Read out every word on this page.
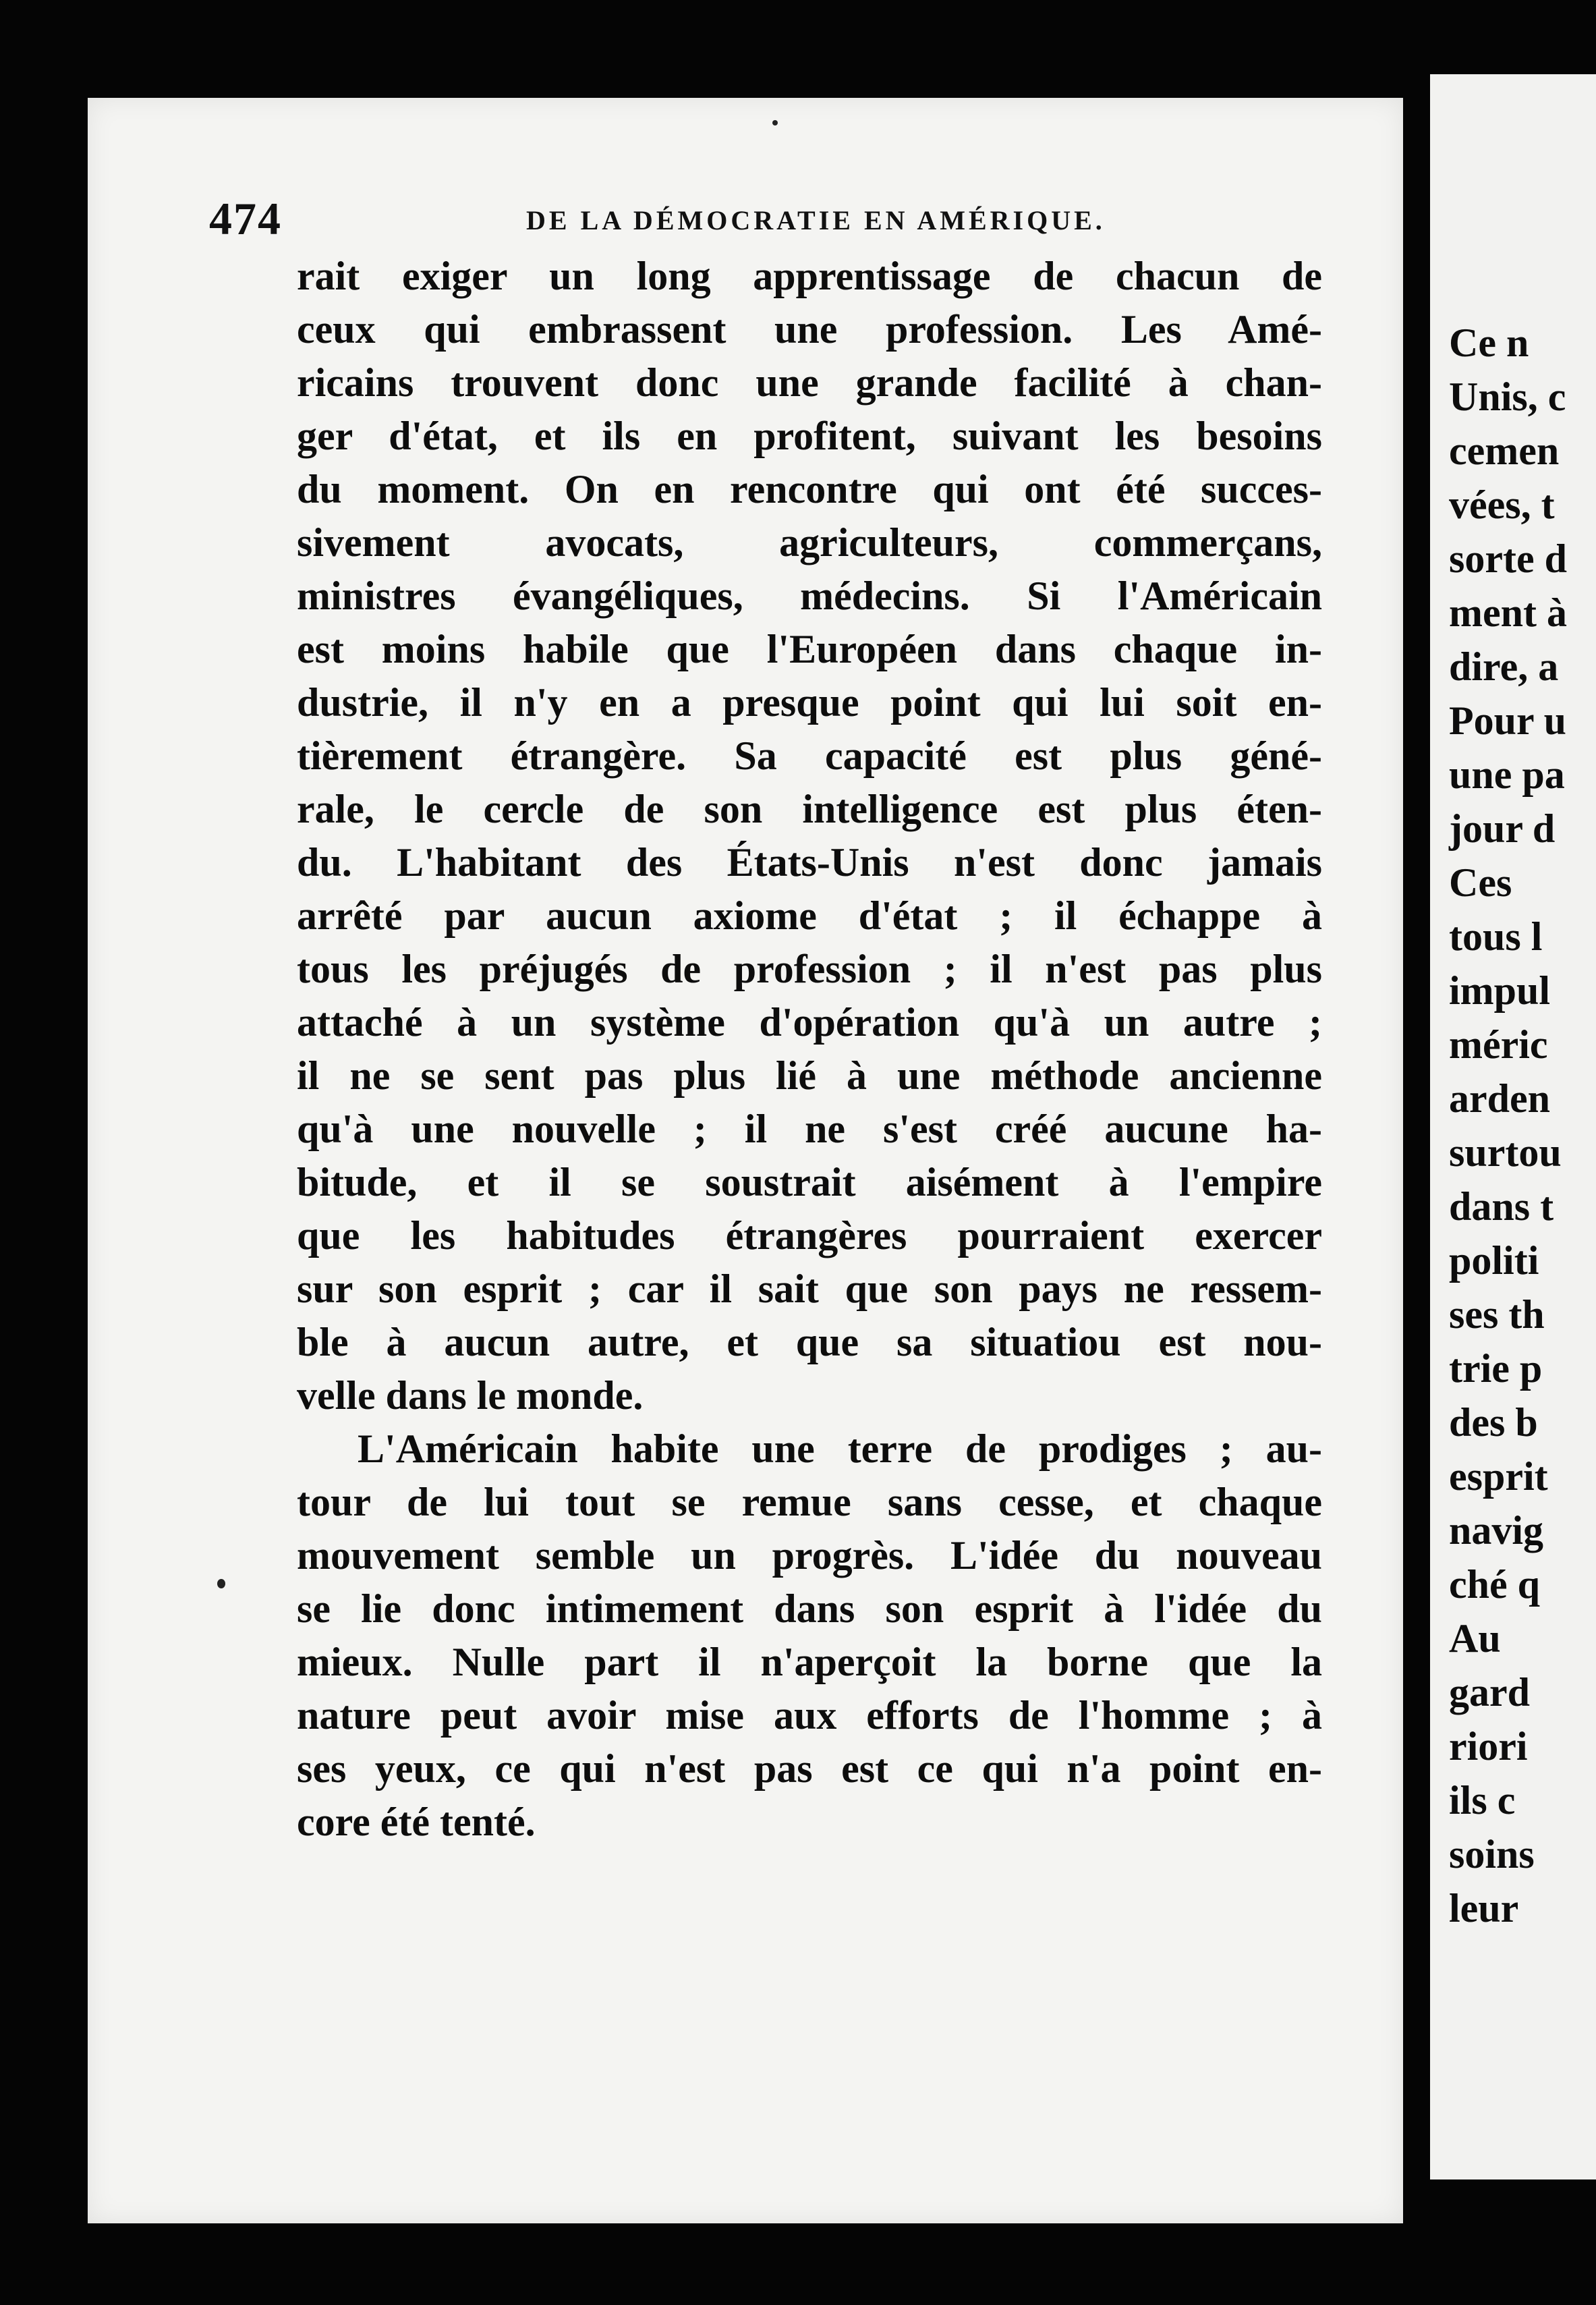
474	DE LA DÉMOCRATIE EN AMÉRIQUE.
rait exiger un long apprentissage de chacun de
ceux qui embrassent une profession. Les Amé-
ricains trouvent donc une grande facilité à chan-
ger d'état, et ils en profitent, suivant les besoins
du moment. On en rencontre qui ont été succes-
sivement avocats, agriculteurs, commerçans,
ministres évangéliques, médecins. Si l'Américain
est moins habile que l'Européen dans chaque in-
dustrie, il n'y en a presque point qui lui soit en-
tièrement étrangère. Sa capacité est plus géné-
rale, le cercle de son intelligence est plus éten-
du. L'habitant des États-Unis n'est donc jamais
arrêté par aucun axiome d'état ; il échappe à
tous les préjugés de profession ; il n'est pas plus
attaché à un système d'opération qu'à un autre ;
il ne se sent pas plus lié à une méthode ancienne
qu'à une nouvelle ; il ne s'est créé aucune ha-
bitude, et il se soustrait aisément à l'empire
que les habitudes étrangères pourraient exercer
sur son esprit ; car il sait que son pays ne ressem-
ble à aucun autre, et que sa situatiou est nou-
velle dans le monde.
L'Américain habite une terre de prodiges ; au-
tour de lui tout se remue sans cesse, et chaque
mouvement semble un progrès. L'idée du nouveau
se lie donc intimement dans son esprit à l'idée du
mieux. Nulle part il n'aperçoit la borne que la
nature peut avoir mise aux efforts de l'homme ; à
ses yeux, ce qui n'est pas est ce qui n'a point en-
core été tenté.
Ce n
Unis, c
cemen
vées, t
sorte d
ment à
dire, a
Pour u
une pa
jour d
Ces
tous l
impul
méric
arden
surtou
dans t
politi
ses th
trie p
des b
esprit
navig
ché q
Au
gard
riori
ils c
soins
leur
